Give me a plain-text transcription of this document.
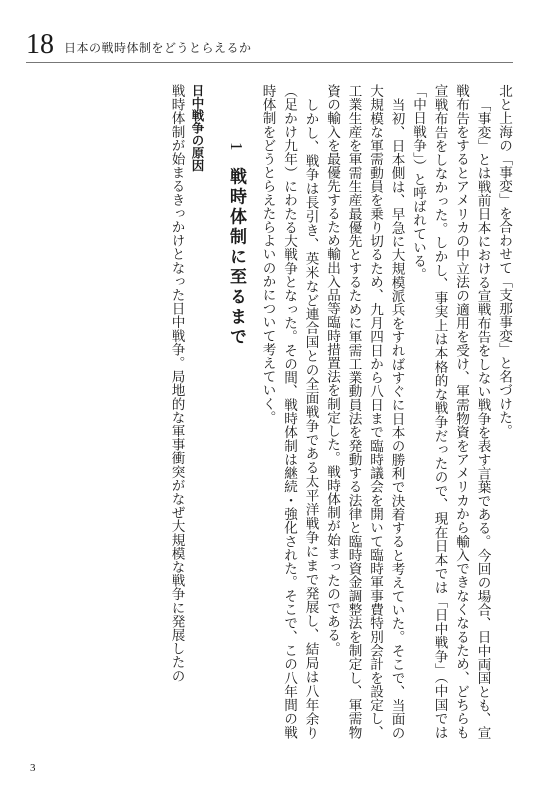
18 日本の戦時体制をどうとらえるか

北と上海の「事変」を合わせて「支那事変」と名づけた。

「事変」とは戦前日本における宣戦布告をしない戦争を表す言葉である。今回の場合、日中両国とも、宣戦布告をするとアメリカの中立法の適用を受け、軍需物資をアメリカから輸入できなくなるため、どちらも宣戦布告をしなかった。しかし、事実上は本格的な戦争だったので、現在日本では「日中戦争」（中国では「中日戦争」）と呼ばれている。

当初、日本側は、早急に大規模派兵をすればすぐに日本の勝利で決着すると考えていた。そこで、当面の大規模な軍需動員を乗り切るため、九月四日から八日まで臨時議会を開いて臨時軍事費特別会計を設定し、工業生産を軍需生産最優先とするために軍需工業動員法を発動する法律と臨時資金調整法を制定し、軍需物資の輸入を最優先するため輸出入品等臨時措置法を制定した。戦時体制が始まったのである。

しかし、戦争は長引き、英米など連合国との全面戦争である太平洋戦争にまで発展し、結局は八年余り（足かけ九年）にわたる大戦争となった。その間、戦時体制は継続・強化された。そこで、この八年間の戦時体制をどうとらえたらよいのかについて考えていく。

1戦時体制に至るまで
日中戦争の原因

戦時体制が始まるきっかけとなった日中戦争。局地的な軍事衝突がなぜ大規模な戦争に発展したの

3
